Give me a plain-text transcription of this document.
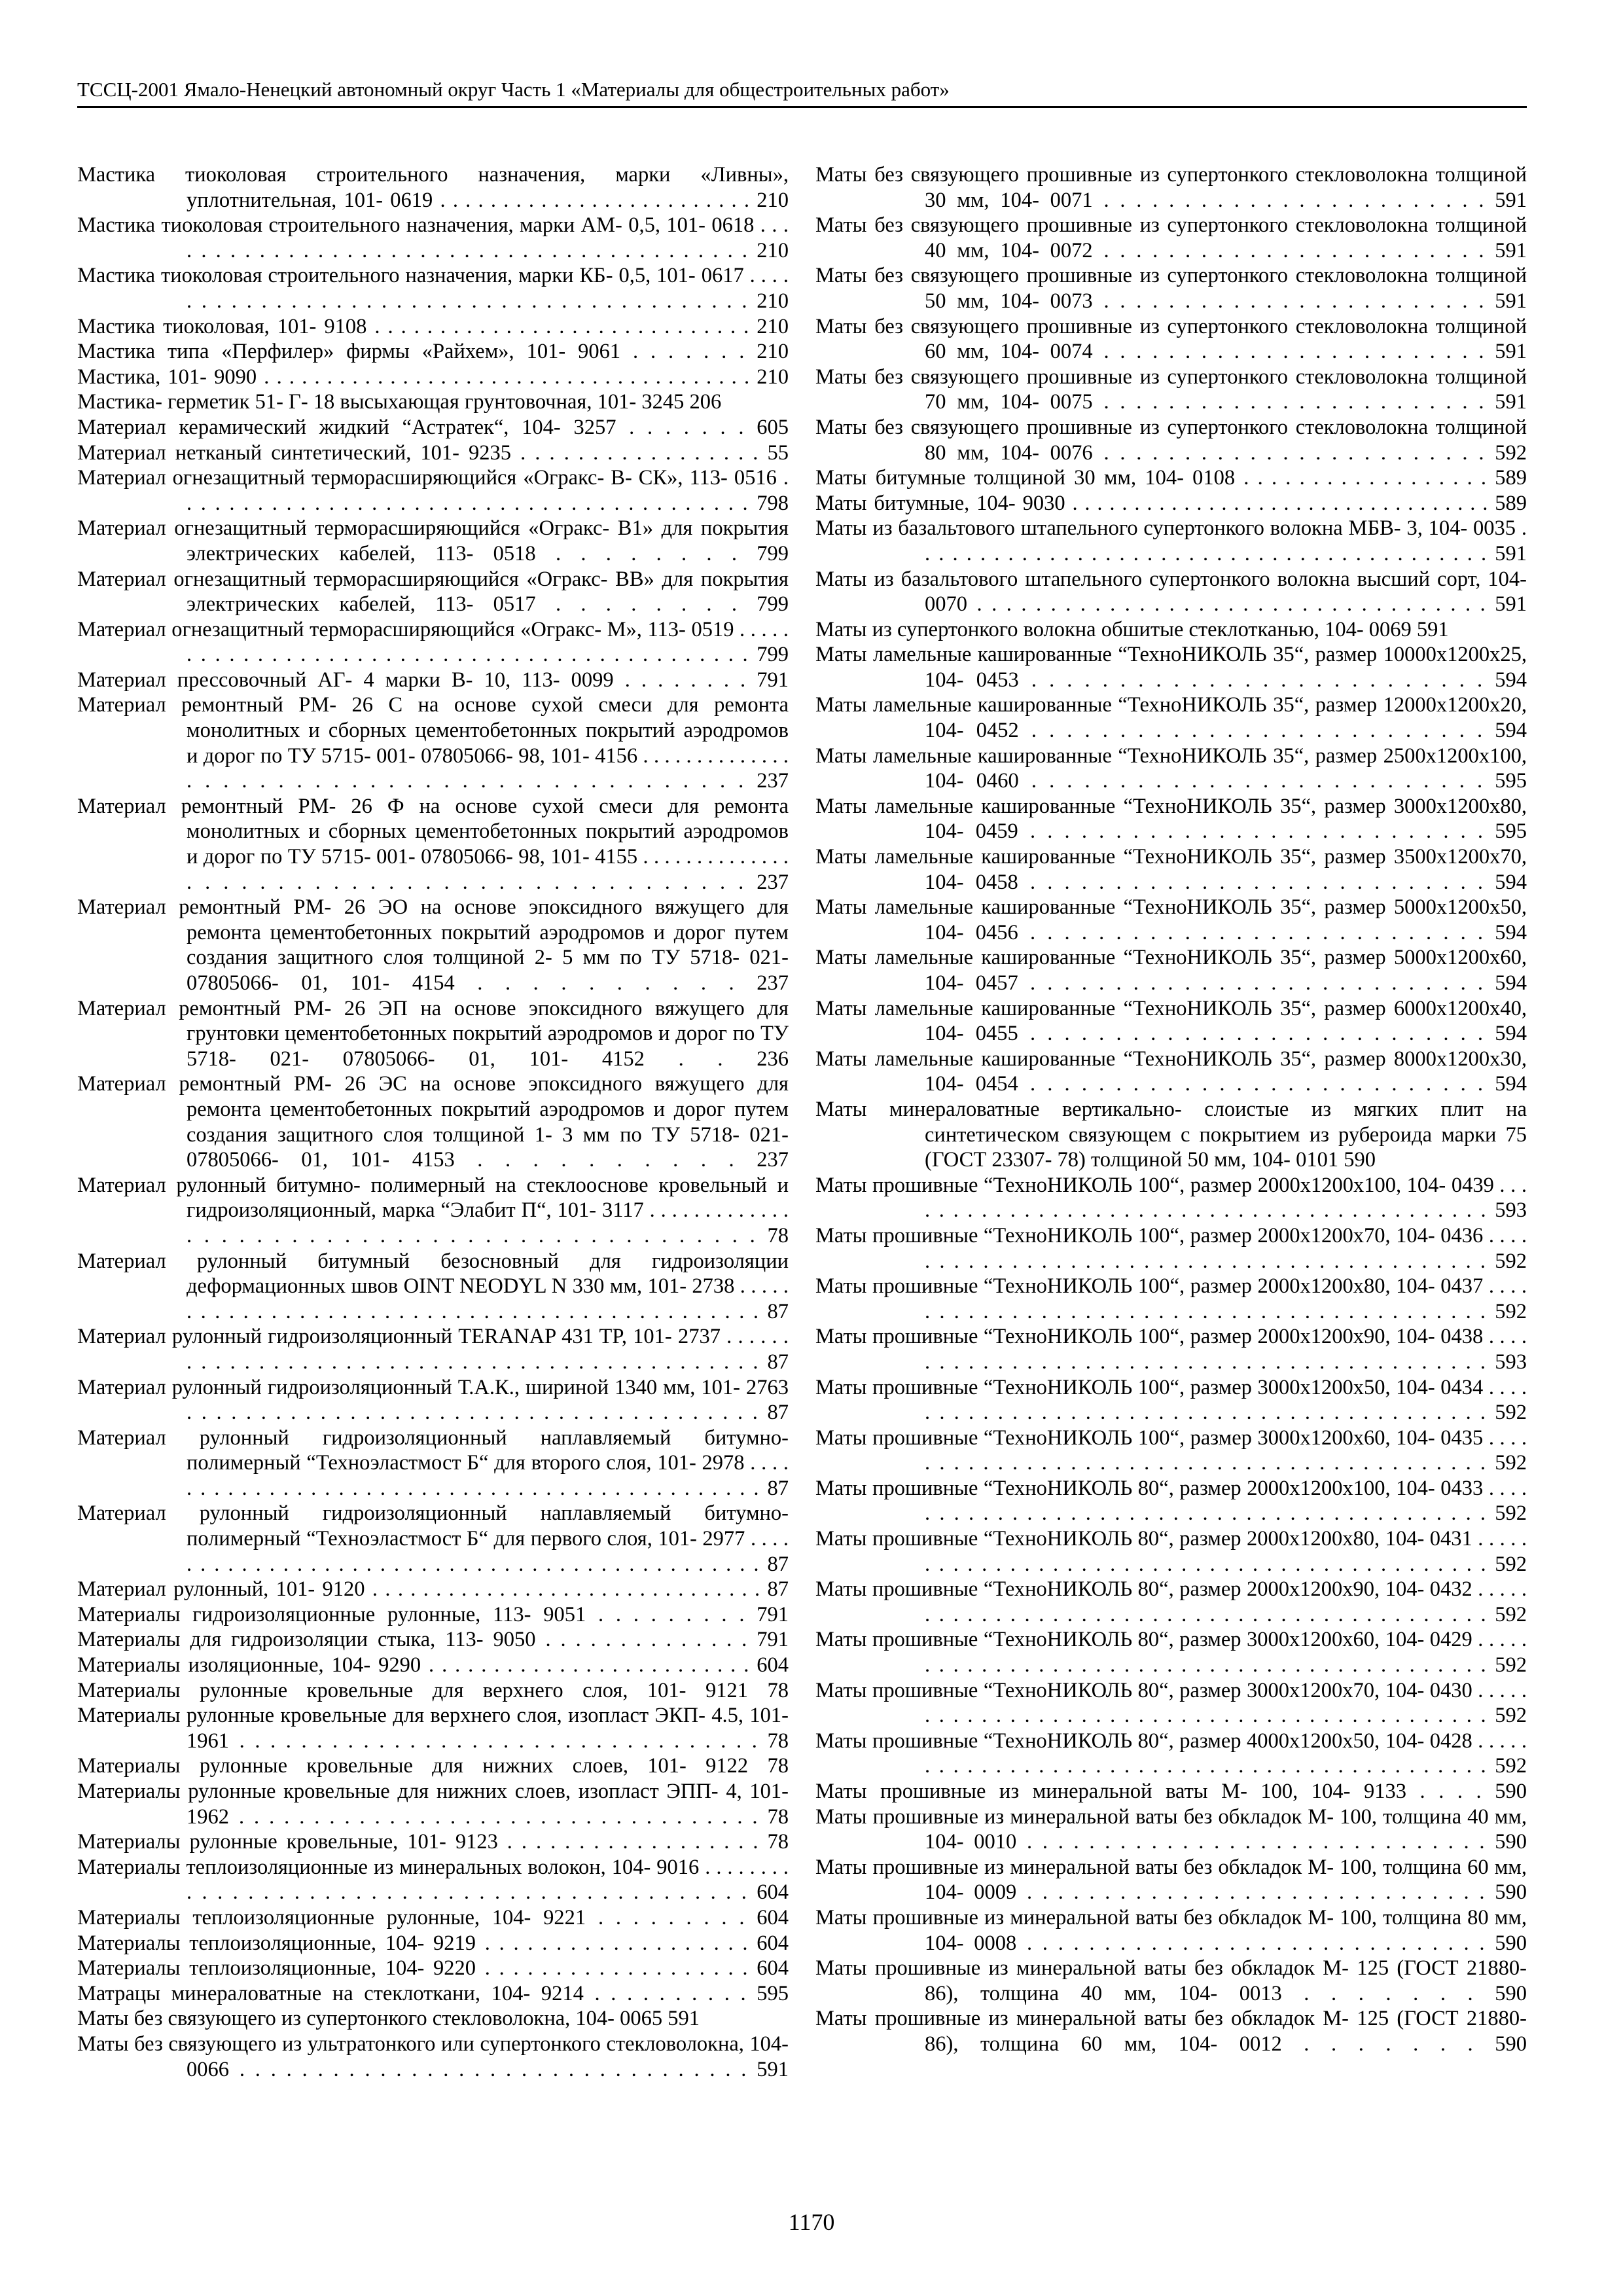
ТССЦ-2001 Ямало-Ненецкий автономный округ Часть 1 «Материалы для общестроительных работ»
Мастика тиоколовая строительного назначения, марки «Ливны», уплотнительная, 101- 0619 . . . . . . . . . . . . . . . . . . . . . . . . . 210
Мастика тиоколовая строительного назначения, марки АМ- 0,5, 101- 0618 . . . . . . . . . . . . . . . . . . . . . . . . . . . . . . . . . . . . . . . . . . 210
Мастика тиоколовая строительного назначения, марки КБ- 0,5, 101- 0617 . . . . . . . . . . . . . . . . . . . . . . . . . . . . . . . . . . . . . . . . . . 210
Мастика тиоколовая, 101- 9108 . . . . . . . . . . . . . . . . . . . . . . . . . . . . . 210
Мастика типа «Перфилер» фирмы «Райхем», 101- 9061 . . . . . . . 210
Мастика, 101- 9090 . . . . . . . . . . . . . . . . . . . . . . . . . . . . . . . . . . . . . . . 210
Мастика- герметик 51- Г- 18 высыхающая грунтовочная, 101- 3245 206
Материал керамический жидкий “Астратек“, 104- 3257 . . . . . . . 605
Материал нетканый синтетический, 101- 9235 . . . . . . . . . . . . . . . . . 55
Материал огнезащитный терморасширяющийся «Огракс- В- СК», 113- 0516 . . . . . . . . . . . . . . . . . . . . . . . . . . . . . . . . . . . . . . . . . 798
Материал огнезащитный терморасширяющийся «Огракс- В1» для покрытия электрических кабелей, 113- 0518 . . . . . . . . 799
Материал огнезащитный терморасширяющийся «Огракс- ВВ» для покрытия электрических кабелей, 113- 0517 . . . . . . . . 799
Материал огнезащитный терморасширяющийся «Огракс- М», 113- 0519 . . . . . . . . . . . . . . . . . . . . . . . . . . . . . . . . . . . . . . . . . . . . . 799
Материал прессовочный АГ- 4 марки В- 10, 113- 0099 . . . . . . . . 791
Материал ремонтный РМ- 26 С на основе сухой смеси для ремонта монолитных и сборных цементобетонных покрытий аэродромов и дорог по ТУ 5715- 001- 07805066- 98, 101- 4156 . . . . . . . . . . . . . . . . . . . . . . . . . . . . . . . . . . . . . . . . . . . . . 237
Материал ремонтный РМ- 26 Ф на основе сухой смеси для ремонта монолитных и сборных цементобетонных покрытий аэродромов и дорог по ТУ 5715- 001- 07805066- 98, 101- 4155 . . . . . . . . . . . . . . . . . . . . . . . . . . . . . . . . . . . . . . . . . . . . . 237
Материал ремонтный РМ- 26 ЭО на основе эпоксидного вяжущего для ремонта цементобетонных покрытий аэродромов и дорог путем создания защитного слоя толщиной 2- 5 мм по ТУ 5718- 021- 07805066- 01, 101- 4154 . . . . . . . . . . 237
Материал ремонтный РМ- 26 ЭП на основе эпоксидного вяжущего для грунтовки цементобетонных покрытий аэродромов и дорог по ТУ 5718- 021- 07805066- 01, 101- 4152 . . 236
Материал ремонтный РМ- 26 ЭС на основе эпоксидного вяжущего для ремонта цементобетонных покрытий аэродромов и дорог путем создания защитного слоя толщиной 1- 3 мм по ТУ 5718- 021- 07805066- 01, 101- 4153 . . . . . . . . . . 237
Материал рулонный битумно- полимерный на стеклооснове кровельный и гидроизоляционный, марка “Элабит П“, 101- 3117 . . . . . . . . . . . . . . . . . . . . . . . . . . . . . . . . . . . . . . . . . . . . . . 78
Материал рулонный битумный безосновный для гидроизоляции деформационных швов OINT NEODYL N 330 мм, 101- 2738 . . . . . . . . . . . . . . . . . . . . . . . . . . . . . . . . . . . . . . . . . . . . . . 87
Материал рулонный гидроизоляционный TERANAP 431 TP, 101- 2737 . . . . . . . . . . . . . . . . . . . . . . . . . . . . . . . . . . . . . . . . . . . . . . 87
Материал рулонный гидроизоляционный Т.А.К., шириной 1340 мм, 101- 2763 . . . . . . . . . . . . . . . . . . . . . . . . . . . . . . . . . . . . . . . 87
Материал рулонный гидроизоляционный наплавляемый битумно-полимерный “Техноэластмост Б“ для второго слоя, 101- 2978 . . . . . . . . . . . . . . . . . . . . . . . . . . . . . . . . . . . . . . . . . . . . . . 87
Материал рулонный гидроизоляционный наплавляемый битумно-полимерный “Техноэластмост Б“ для первого слоя, 101- 2977 . . . . . . . . . . . . . . . . . . . . . . . . . . . . . . . . . . . . . . . . . . . . . . 87
Материал рулонный, 101- 9120 . . . . . . . . . . . . . . . . . . . . . . . . . . . . . . . 87
Материалы гидроизоляционные рулонные, 113- 9051 . . . . . . . . . 791
Материалы для гидроизоляции стыка, 113- 9050 . . . . . . . . . . . . . . 791
Материалы изоляционные, 104- 9290 . . . . . . . . . . . . . . . . . . . . . . . . . 604
Материалы рулонные кровельные для верхнего слоя, 101- 9121 78
Материалы рулонные кровельные для верхнего слоя, изопласт ЭКП- 4.5, 101- 1961 . . . . . . . . . . . . . . . . . . . . . . . . . . . . . . . . . . 78
Материалы рулонные кровельные для нижних слоев, 101- 9122 78
Материалы рулонные кровельные для нижних слоев, изопласт ЭПП- 4, 101- 1962 . . . . . . . . . . . . . . . . . . . . . . . . . . . . . . . . . . . 78
Материалы рулонные кровельные, 101- 9123 . . . . . . . . . . . . . . . . . . 78
Материалы теплоизоляционные из минеральных волокон, 104- 9016 . . . . . . . . . . . . . . . . . . . . . . . . . . . . . . . . . . . . . . . . . . . . . 604
Материалы теплоизоляционные рулонные, 104- 9221 . . . . . . . . . 604
Материалы теплоизоляционные, 104- 9219 . . . . . . . . . . . . . . . . . . . 604
Материалы теплоизоляционные, 104- 9220 . . . . . . . . . . . . . . . . . . . 604
Матрацы минераловатные на стеклоткани, 104- 9214 . . . . . . . . . . 595
Маты без связующего из супертонкого стекловолокна, 104- 0065 591
Маты без связующего из ультратонкого или супертонкого стекловолокна, 104- 0066 . . . . . . . . . . . . . . . . . . . . . . . . . . . . . . . . . 591
Маты без связующего прошивные из супертонкого стекловолокна толщиной 30 мм, 104- 0071 . . . . . . . . . . . . . . . . . . . . . . . . 591
Маты без связующего прошивные из супертонкого стекловолокна толщиной 40 мм, 104- 0072 . . . . . . . . . . . . . . . . . . . . . . . . 591
Маты без связующего прошивные из супертонкого стекловолокна толщиной 50 мм, 104- 0073 . . . . . . . . . . . . . . . . . . . . . . . . 591
Маты без связующего прошивные из супертонкого стекловолокна толщиной 60 мм, 104- 0074 . . . . . . . . . . . . . . . . . . . . . . . . 591
Маты без связующего прошивные из супертонкого стекловолокна толщиной 70 мм, 104- 0075 . . . . . . . . . . . . . . . . . . . . . . . . 591
Маты без связующего прошивные из супертонкого стекловолокна толщиной 80 мм, 104- 0076 . . . . . . . . . . . . . . . . . . . . . . . . 592
Маты битумные толщиной 30 мм, 104- 0108 . . . . . . . . . . . . . . . . . . 589
Маты битумные, 104- 9030 . . . . . . . . . . . . . . . . . . . . . . . . . . . . . . . . . . 589
Маты из базальтового штапельного супертонкого волокна МБВ- 3, 104- 0035 . . . . . . . . . . . . . . . . . . . . . . . . . . . . . . . . . . . . . . . . . . 591
Маты из базальтового штапельного супертонкого волокна высший сорт, 104- 0070 . . . . . . . . . . . . . . . . . . . . . . . . . . . . . . . . . . . 591
Маты из супертонкого волокна обшитые стеклотканью, 104- 0069 591
Маты ламельные кашированные “ТехноНИКОЛЬ 35“, размер 10000х1200х25, 104- 0453 . . . . . . . . . . . . . . . . . . . . . . . . . . 594
Маты ламельные кашированные “ТехноНИКОЛЬ 35“, размер 12000х1200х20, 104- 0452 . . . . . . . . . . . . . . . . . . . . . . . . . . 594
Маты ламельные кашированные “ТехноНИКОЛЬ 35“, размер 2500х1200х100, 104- 0460 . . . . . . . . . . . . . . . . . . . . . . . . . . 595
Маты ламельные кашированные “ТехноНИКОЛЬ 35“, размер 3000х1200х80, 104- 0459 . . . . . . . . . . . . . . . . . . . . . . . . . . . 595
Маты ламельные кашированные “ТехноНИКОЛЬ 35“, размер 3500х1200х70, 104- 0458 . . . . . . . . . . . . . . . . . . . . . . . . . . . 594
Маты ламельные кашированные “ТехноНИКОЛЬ 35“, размер 5000х1200х50, 104- 0456 . . . . . . . . . . . . . . . . . . . . . . . . . . . 594
Маты ламельные кашированные “ТехноНИКОЛЬ 35“, размер 5000х1200х60, 104- 0457 . . . . . . . . . . . . . . . . . . . . . . . . . . . 594
Маты ламельные кашированные “ТехноНИКОЛЬ 35“, размер 6000х1200х40, 104- 0455 . . . . . . . . . . . . . . . . . . . . . . . . . . . 594
Маты ламельные кашированные “ТехноНИКОЛЬ 35“, размер 8000х1200х30, 104- 0454 . . . . . . . . . . . . . . . . . . . . . . . . . . . 594
Маты минераловатные вертикально- слоистые из мягких плит на синтетическом связующем с покрытием из рубероида марки 75 (ГОСТ 23307- 78) толщиной 50 мм, 104- 0101 590
Маты прошивные “ТехноНИКОЛЬ 100“, размер 2000х1200х100, 104- 0439 . . . . . . . . . . . . . . . . . . . . . . . . . . . . . . . . . . . . . . . . . . . 593
Маты прошивные “ТехноНИКОЛЬ 100“, размер 2000х1200х70, 104- 0436 . . . . . . . . . . . . . . . . . . . . . . . . . . . . . . . . . . . . . . . . . . . 592
Маты прошивные “ТехноНИКОЛЬ 100“, размер 2000х1200х80, 104- 0437 . . . . . . . . . . . . . . . . . . . . . . . . . . . . . . . . . . . . . . . . . . . 592
Маты прошивные “ТехноНИКОЛЬ 100“, размер 2000х1200х90, 104- 0438 . . . . . . . . . . . . . . . . . . . . . . . . . . . . . . . . . . . . . . . . . . . 593
Маты прошивные “ТехноНИКОЛЬ 100“, размер 3000х1200х50, 104- 0434 . . . . . . . . . . . . . . . . . . . . . . . . . . . . . . . . . . . . . . . . . . . 592
Маты прошивные “ТехноНИКОЛЬ 100“, размер 3000х1200х60, 104- 0435 . . . . . . . . . . . . . . . . . . . . . . . . . . . . . . . . . . . . . . . . . . . 592
Маты прошивные “ТехноНИКОЛЬ 80“, размер 2000х1200х100, 104- 0433 . . . . . . . . . . . . . . . . . . . . . . . . . . . . . . . . . . . . . . . . . . . 592
Маты прошивные “ТехноНИКОЛЬ 80“, размер 2000х1200х80, 104- 0431 . . . . . . . . . . . . . . . . . . . . . . . . . . . . . . . . . . . . . . . . . . . . . 592
Маты прошивные “ТехноНИКОЛЬ 80“, размер 2000х1200х90, 104- 0432 . . . . . . . . . . . . . . . . . . . . . . . . . . . . . . . . . . . . . . . . . . . . . 592
Маты прошивные “ТехноНИКОЛЬ 80“, размер 3000х1200х60, 104- 0429 . . . . . . . . . . . . . . . . . . . . . . . . . . . . . . . . . . . . . . . . . . . . . 592
Маты прошивные “ТехноНИКОЛЬ 80“, размер 3000х1200х70, 104- 0430 . . . . . . . . . . . . . . . . . . . . . . . . . . . . . . . . . . . . . . . . . . . . . 592
Маты прошивные “ТехноНИКОЛЬ 80“, размер 4000х1200х50, 104- 0428 . . . . . . . . . . . . . . . . . . . . . . . . . . . . . . . . . . . . . . . . . . . . . 592
Маты прошивные из минеральной ваты М- 100, 104- 9133 . . . . 590
Маты прошивные из минеральной ваты без обкладок М- 100, толщина 40 мм, 104- 0010 . . . . . . . . . . . . . . . . . . . . . . . . . . . . . . 590
Маты прошивные из минеральной ваты без обкладок М- 100, толщина 60 мм, 104- 0009 . . . . . . . . . . . . . . . . . . . . . . . . . . . . . . 590
Маты прошивные из минеральной ваты без обкладок М- 100, толщина 80 мм, 104- 0008 . . . . . . . . . . . . . . . . . . . . . . . . . . . . . . 590
Маты прошивные из минеральной ваты без обкладок М- 125 (ГОСТ 21880- 86), толщина 40 мм, 104- 0013 . . . . . . . 590
Маты прошивные из минеральной ваты без обкладок М- 125 (ГОСТ 21880- 86), толщина 60 мм, 104- 0012 . . . . . . . 590
1170
